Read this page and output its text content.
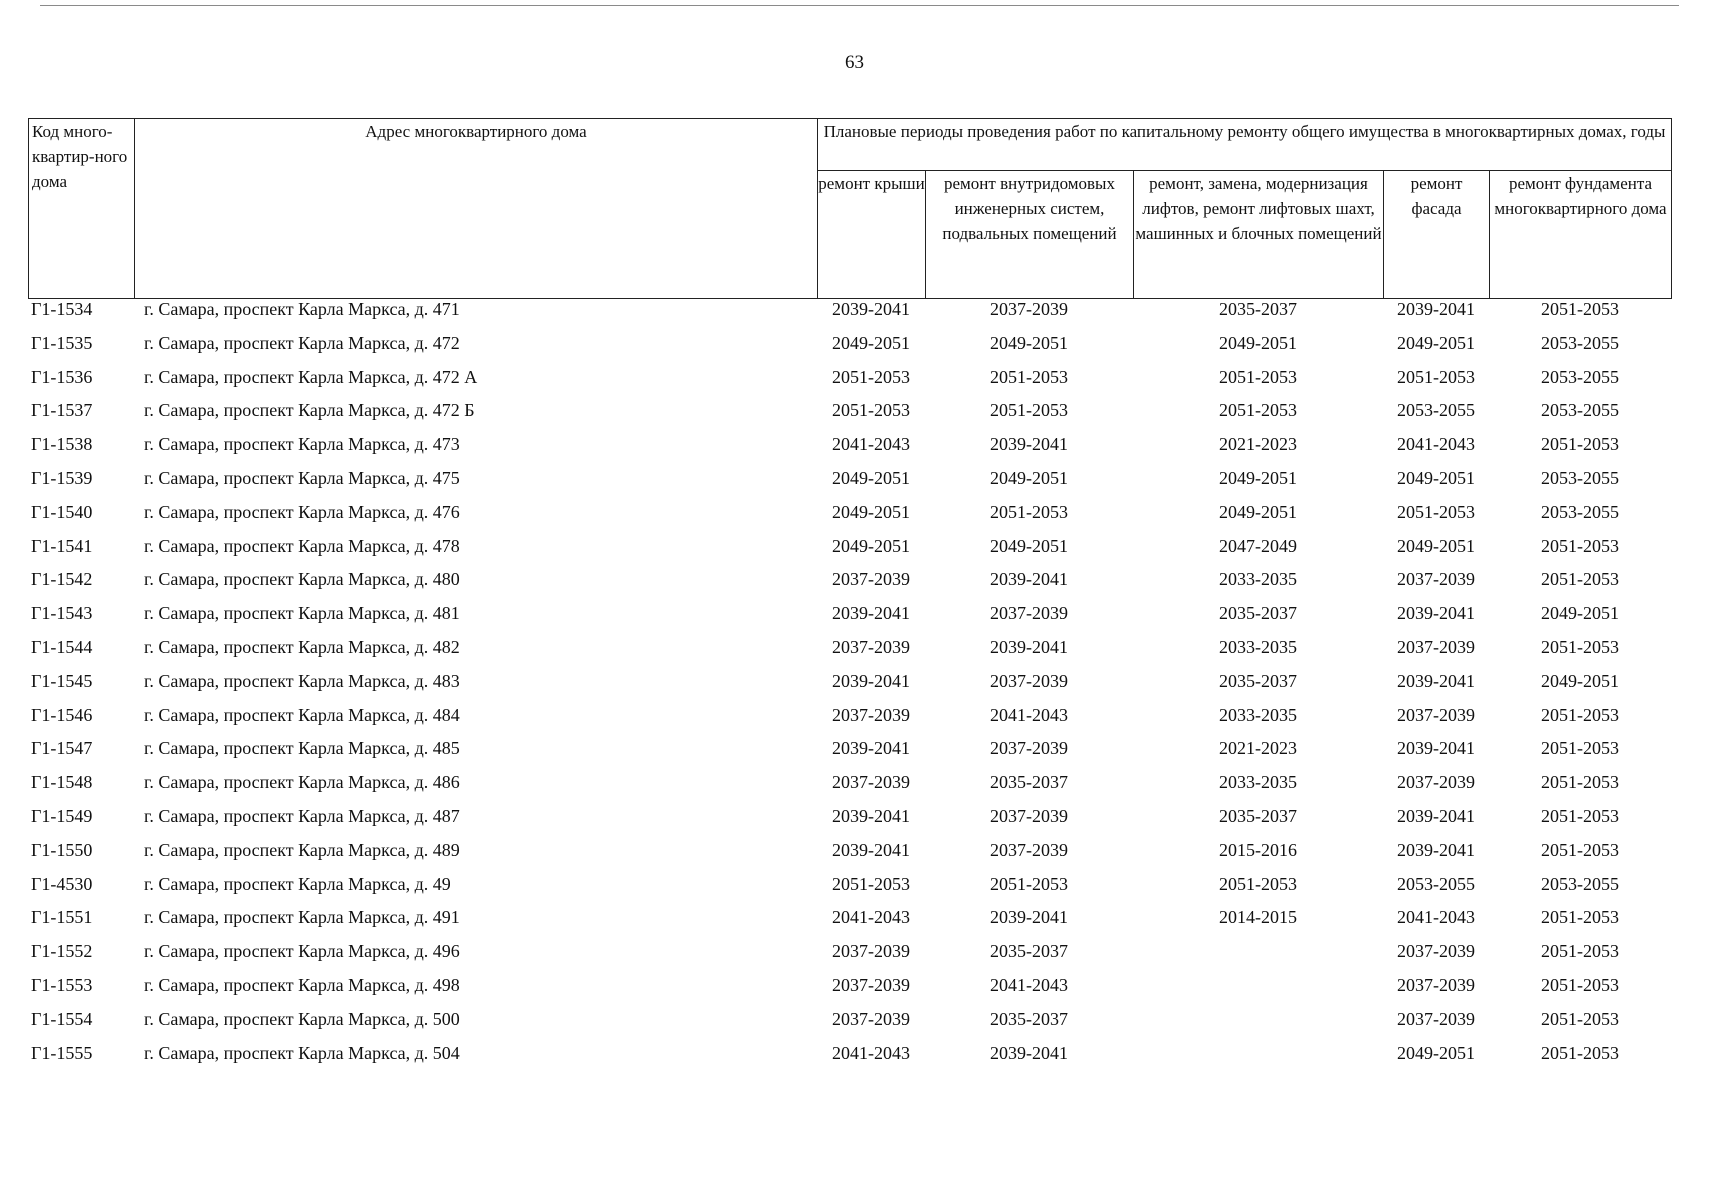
63
Код много-квартир-ного дома	Адрес многоквартирного дома	Плановые периоды проведения работ по капитальному ремонту общего имущества в многоквартирных домах, годы				
		ремонт крыши	ремонт внутридомовых инженерных систем, подвальных помещений	ремонт, замена, модернизация лифтов, ремонт лифтовых шахт, машинных и блочных помещений	ремонт фасада	ремонт фундамента многоквартирного дома
Г1-1534	г. Самара, проспект Карла Маркса, д. 471	2039-2041	2037-2039	2035-2037	2039-2041	2051-2053
Г1-1535	г. Самара, проспект Карла Маркса, д. 472	2049-2051	2049-2051	2049-2051	2049-2051	2053-2055
Г1-1536	г. Самара, проспект Карла Маркса, д. 472 А	2051-2053	2051-2053	2051-2053	2051-2053	2053-2055
Г1-1537	г. Самара, проспект Карла Маркса, д. 472 Б	2051-2053	2051-2053	2051-2053	2053-2055	2053-2055
Г1-1538	г. Самара, проспект Карла Маркса, д. 473	2041-2043	2039-2041	2021-2023	2041-2043	2051-2053
Г1-1539	г. Самара, проспект Карла Маркса, д. 475	2049-2051	2049-2051	2049-2051	2049-2051	2053-2055
Г1-1540	г. Самара, проспект Карла Маркса, д. 476	2049-2051	2051-2053	2049-2051	2051-2053	2053-2055
Г1-1541	г. Самара, проспект Карла Маркса, д. 478	2049-2051	2049-2051	2047-2049	2049-2051	2051-2053
Г1-1542	г. Самара, проспект Карла Маркса, д. 480	2037-2039	2039-2041	2033-2035	2037-2039	2051-2053
Г1-1543	г. Самара, проспект Карла Маркса, д. 481	2039-2041	2037-2039	2035-2037	2039-2041	2049-2051
Г1-1544	г. Самара, проспект Карла Маркса, д. 482	2037-2039	2039-2041	2033-2035	2037-2039	2051-2053
Г1-1545	г. Самара, проспект Карла Маркса, д. 483	2039-2041	2037-2039	2035-2037	2039-2041	2049-2051
Г1-1546	г. Самара, проспект Карла Маркса, д. 484	2037-2039	2041-2043	2033-2035	2037-2039	2051-2053
Г1-1547	г. Самара, проспект Карла Маркса, д. 485	2039-2041	2037-2039	2021-2023	2039-2041	2051-2053
Г1-1548	г. Самара, проспект Карла Маркса, д. 486	2037-2039	2035-2037	2033-2035	2037-2039	2051-2053
Г1-1549	г. Самара, проспект Карла Маркса, д. 487	2039-2041	2037-2039	2035-2037	2039-2041	2051-2053
Г1-1550	г. Самара, проспект Карла Маркса, д. 489	2039-2041	2037-2039	2015-2016	2039-2041	2051-2053
Г1-4530	г. Самара, проспект Карла Маркса, д. 49	2051-2053	2051-2053	2051-2053	2053-2055	2053-2055
Г1-1551	г. Самара, проспект Карла Маркса, д. 491	2041-2043	2039-2041	2014-2015	2041-2043	2051-2053
Г1-1552	г. Самара, проспект Карла Маркса, д. 496	2037-2039	2035-2037		2037-2039	2051-2053
Г1-1553	г. Самара, проспект Карла Маркса, д. 498	2037-2039	2041-2043		2037-2039	2051-2053
Г1-1554	г. Самара, проспект Карла Маркса, д. 500	2037-2039	2035-2037		2037-2039	2051-2053
Г1-1555	г. Самара, проспект Карла Маркса, д. 504	2041-2043	2039-2041		2049-2051	2051-2053
